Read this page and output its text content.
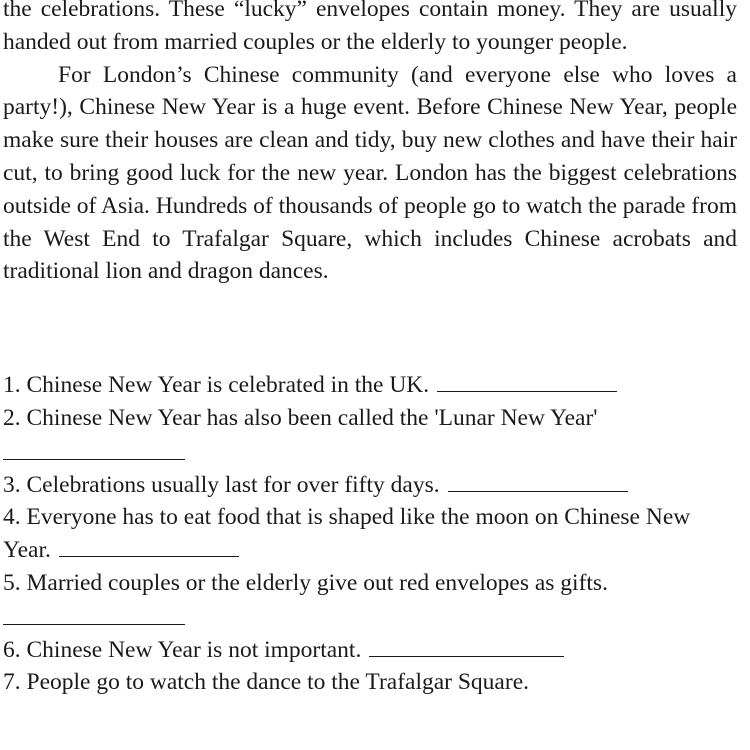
the celebrations. These “lucky” envelopes contain money. They are usually handed out from married couples or the elderly to younger people.

For London’s Chinese community (and everyone else who loves a party!), Chinese New Year is a huge event. Before Chinese New Year, people make sure their houses are clean and tidy, buy new clothes and have their hair cut, to bring good luck for the new year. London has the biggest celebrations outside of Asia. Hundreds of thousands of people go to watch the parade from the West End to Trafalgar Square, which includes Chinese acrobats and traditional lion and dragon dances.

1. Chinese New Year is celebrated in the UK.

2. Chinese New Year has also been called the 'Lunar New Year'

3. Celebrations usually last for over fifty days.

4. Everyone has to eat food that is shaped like the moon on Chinese New Year.

5. Married couples or the elderly give out red envelopes as gifts.

6. Chinese New Year is not important.

7. People go to watch the dance to the Trafalgar Square.
